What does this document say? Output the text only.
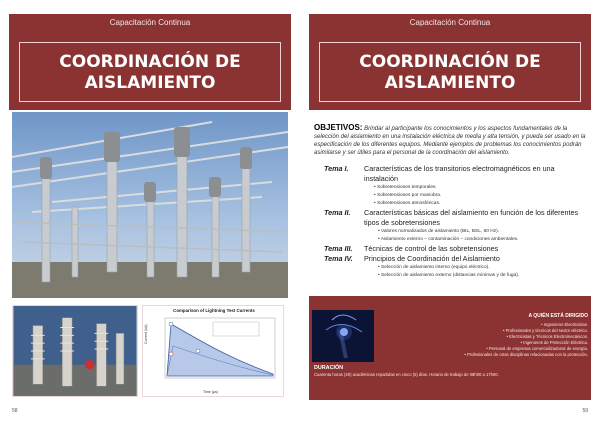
Capacitación Continua
COORDINACIÓN DE
AISLAMIENTO
Comparison of Lightning Test Currents
Current (kA)
Time (µs)
58
Capacitación Continua
COORDINACIÓN DE
AISLAMIENTO
OBJETIVOS: Brindar al participante los conocimientos y los aspectos fundamentales de la selección del aislamiento en una instalación eléctrica de media y alta tensión, y pueda ser usado en la especificación de los diferentes equipos. Mediante ejemplos de problemas los conocimientos podrán asimilarse y ser útiles para el personal de la coordinación del aislamiento.
Tema I. Características de los transitorios electromagnéticos en una instalación
• Sobretensiones temporales.
• Sobretensiones por maniobra.
• Sobretensiones atmosféricas.
Tema II. Características básicas del aislamiento en función de los diferentes tipos de sobretensiones
• Valores normalizados de aislamiento (BIL, BSL, 60 Hz).
• Aislamiento externo – contaminación – condiciones ambientales.
Tema III. Técnicas de control de las sobretensiones
Tema IV. Principios de Coordinación del Aislamiento
• Selección de aislamiento interno (equipo eléctrico).
• Selección de aislamiento externo (distancias mínimas y de fuga).
A QUIÉN ESTÁ DIRIGIDO
• Ingenieros Electricistas.
• Profesionales y técnicos del sector eléctrico.
• Electricistas y Técnicos Electromecánicos.
• Ingenieros de Protección Eléctrica.
• Personal de empresas comercializadoras de energía.
• Profesionales de otras disciplinas relacionadas con la protección.
DURACIÓN
Cuarenta horas (40) académicas repartidas en cinco (5) días. Horario de trabajo de 08h00 a 17h00.
59
